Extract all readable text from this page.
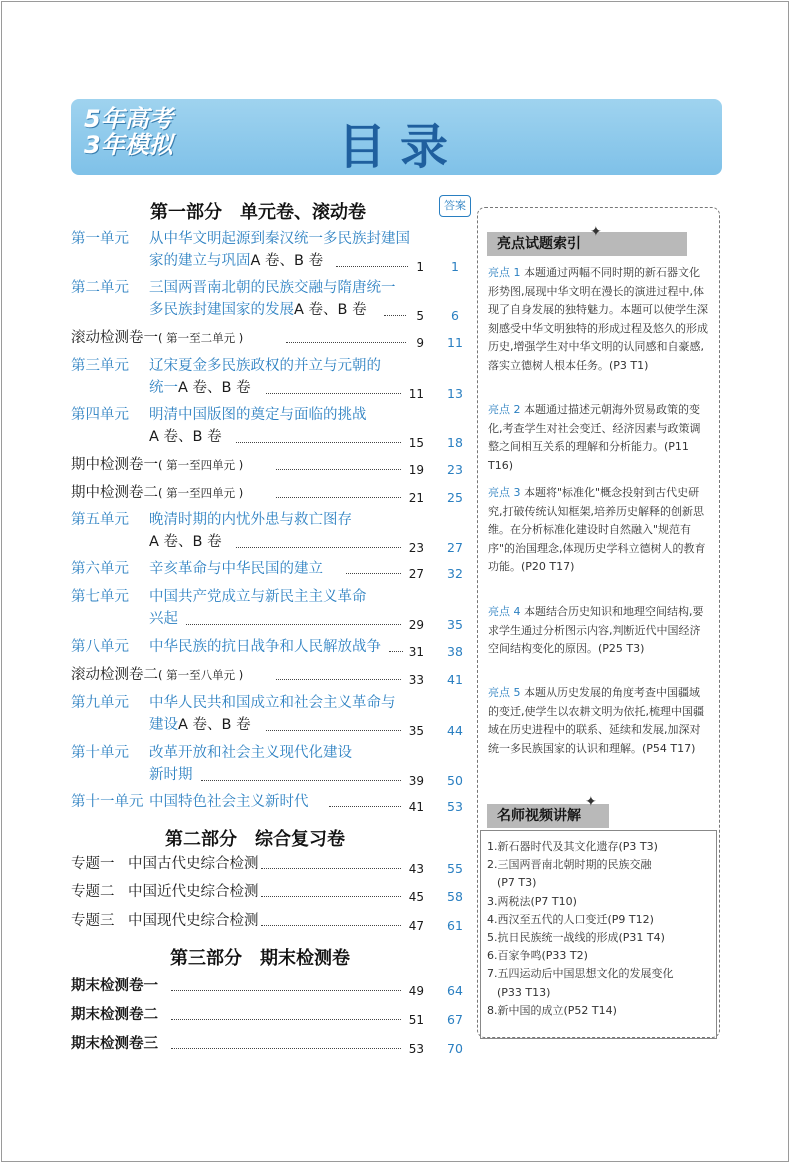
5年高考
3年模拟	目录
第一部分　单元卷、滚动卷	答案
第一单元 从中华文明起源到秦汉统一多民族封建国
家的建立与巩固A 卷、B 卷	1	1
第二单元 三国两晋南北朝的民族交融与隋唐统一
多民族封建国家的发展A 卷、B 卷	5	6
滚动检测卷一( 第一至二单元 )	9	11
第三单元 辽宋夏金多民族政权的并立与元朝的
统一A 卷、B 卷	11	13
第四单元 明清中国版图的奠定与面临的挑战
A 卷、B 卷	15	18
期中检测卷一( 第一至四单元 )	19	23
期中检测卷二( 第一至四单元 )	21	25
第五单元 晚清时期的内忧外患与救亡图存
A 卷、B 卷	23	27
第六单元 辛亥革命与中华民国的建立	27	32
第七单元 中国共产党成立与新民主主义革命
兴起	29	35
第八单元 中华民族的抗日战争和人民解放战争	31	38
滚动检测卷二( 第一至八单元 )	33	41
第九单元 中华人民共和国成立和社会主义革命与
建设A 卷、B 卷	35	44
第十单元 改革开放和社会主义现代化建设
新时期	39	50
第十一单元 中国特色社会主义新时代	41	53
第二部分　综合复习卷
专题一 中国古代史综合检测	43	55
专题二 中国近代史综合检测	45	58
专题三 中国现代史综合检测	47	61
第三部分　期末检测卷
期末检测卷一	49	64
期末检测卷二	51	67
期末检测卷三	53	70
亮点试题索引
✦
亮点 1 本题通过两幅不同时期的新石器文化形势图,展现中华文明在漫长的演进过程中,体现了自身发展的独特魅力。本题可以使学生深刻感受中华文明独特的形成过程及悠久的形成历史,增强学生对中华文明的认同感和自豪感,落实立德树人根本任务。(P3 T1)
亮点 2 本题通过描述元朝海外贸易政策的变化,考查学生对社会变迁、经济因素与政策调整之间相互关系的理解和分析能力。(P11 T16)
亮点 3 本题将"标准化"概念投射到古代史研究,打破传统认知框架,培养历史解释的创新思维。在分析标准化建设时自然融入"规范有序"的治国理念,体现历史学科立德树人的教育功能。(P20 T17)
亮点 4 本题结合历史知识和地理空间结构,要求学生通过分析图示内容,判断近代中国经济空间结构变化的原因。(P25 T3)
亮点 5 本题从历史发展的角度考查中国疆域的变迁,使学生以农耕文明为依托,梳理中国疆域在历史进程中的联系、延续和发展,加深对统一多民族国家的认识和理解。(P54 T17)
名师视频讲解
✦
1.新石器时代及其文化遗存(P3 T3)
2.三国两晋南北朝时期的民族交融
(P7 T3)
3.两税法(P7 T10)
4.西汉至五代的人口变迁(P9 T12)
5.抗日民族统一战线的形成(P31 T4)
6.百家争鸣(P33 T2)
7.五四运动后中国思想文化的发展变化
(P33 T13)
8.新中国的成立(P52 T14)
